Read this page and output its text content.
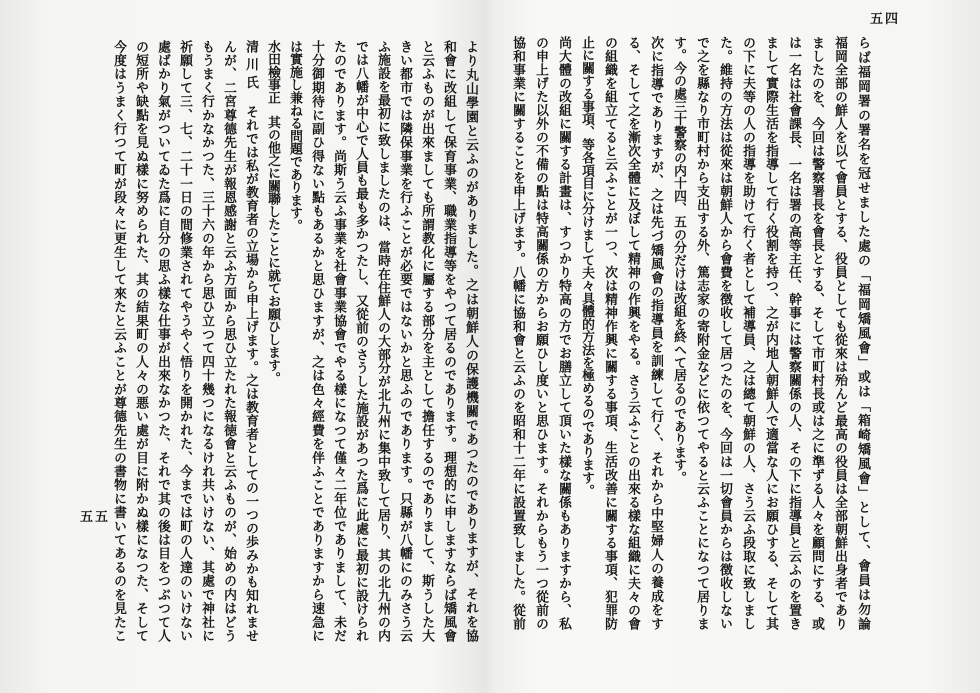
五五	より丸山學園と云ふのがありました。之は朝鮮人の保護機關であつたのでありますが、それを協
和會に改組して保育事業、職業指導等をやつて居るのであります。理想的に申しますならば矯風會
と云ふものが出來ましても所謂教化に屬する部分を主として擔任するのでありまして、斯うした大
きい都市では隣保事業を行ふことが必要ではないかと思ふのであります。只縣が八幡にのみさう云
ふ施設を最初に致しましたのは、當時在住鮮人の大部分が北九州に集中致して居り、其の北九州の内
では八幡が中心で人員も最も多かつたし、又從前のさうした施設があつた爲に此處に最初に設けられ
たのであります。尚斯う云ふ事業を社會事業協會でやる樣になつて僅々二年位でありまして、未だ
十分御期待に副ひ得ない點もあるかと思ひますが、之は色々經費を伴ふことでありますから速急に
は實施し兼ねる問題であります。
水田檢事正其の他之に關聯したことに就てお願ひします。
清川氏それでは私が教育者の立場から申上げます。之は教育者としての一つの歩みかも知れませ
んが、二宮尊德先生が報恩感謝と云ふ方面から思ひ立たれた報徳會と云ふものが、始めの内はどう
もうまく行かなかつた、三十六の年から思ひ立つて四十幾つになるけれ共いけない、其處で神社に
祈願して三、七、二十一日の間修業されてやうやく悟りを開かれた、今までは町の人達のいけない
處ばかり氣がついてゐた爲に自分の思ふ樣な仕事が出來なかつた、それで其の後は目をつぶつて人
の短所や缺點を見ぬ樣に努められた、其の結果町の人々の悪い處が目に附かぬ樣になつた、そして
今度はうまく行つて町が段々に更生して來たと云ふことが尊德先生の書物に書いてあるのを見たこ
五四
らば福岡署の署名を冠せました處の「福岡矯風會」或は「箱崎矯風會」として、會員は勿論
福岡全部の鮮人を以て會員とする、役員としても從來は殆んど最高の役員は全部朝鮮出身者であり
ましたのを、今回は警察署長を會長とする、そして市町村長或は之に準ずる人々を顧問にする、或
は一名は社會課長、一名は署の高等主任、幹事には警察關係の人、その下に指導員と云ふのを置き
まして實際生活を指導して行く役割を持つ、之が内地人朝鮮人で適當な人にお願ひする、そして其
の下に夫等の人の指導を助けて行く者として補導員、之は總て朝鮮の人、さう云ふ段取に致しまし
た。維持の方法は從來は朝鮮人から會費を徴收して居つたのを、今回は一切會員からは徴收しない
で之を縣なり市町村から支出する外、篤志家の寄附金などに依つてやると云ふことになつて居りま
す。今の處三十警察の内十四、五の分だけは改組を終へて居るのであります。
次に指導でありますが、之は先づ矯風會の指導員を訓練して行く、それから中堅婦人の養成をす
る、そして之を漸次全體に及ぼして精神の作興をやる。さう云ふことの出來る樣な組織に夫々の會
の組織を組立てると云ふことが一つ、次は精神作興に關する事項、生活改善に關する事項、犯罪防
止に關する事項、等各項目に分けまして夫々具體的方法を極めるのであります。
尚大體の改組に關する計畫は、すつかり特高の方でお膳立して頂いた樣な關係もありますから、私
の申上げた以外の不備の點は特高關係の方からお願ひし度いと思ひます。それからもう一つ從前の
協和事業に關することを申上げます。八幡に協和會と云ふのを昭和十二年に設置致しました。從前
